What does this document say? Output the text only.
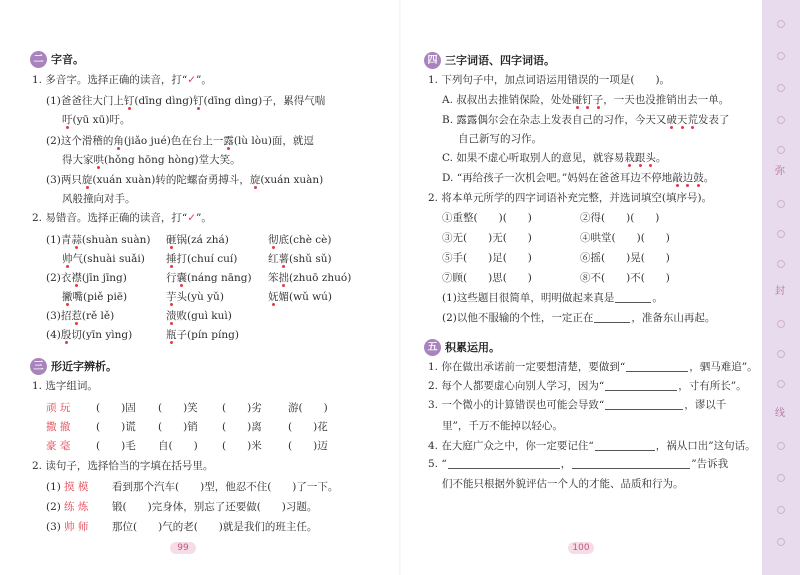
二 字音。
1. 多音字。选择正确的读音，打“✓”。
(1)爸爸往大门上钉(dīng dìng)钉(dīng dìng)子，累得气喘
吁(yū xū)吁。
(2)这个滑稽的角(jiǎo jué)色在台上一露(lù lòu)面，就逗
得大家哄(hǒng hōng hòng)堂大笑。
(3)两只旋(xuán xuàn)转的陀螺奋勇搏斗，旋(xuán xuàn)
风般撞向对手。
2. 易错音。选择正确的读音，打“✓”。
(1)青蒜(shuàn suàn) 砸锅(zá zhá)	彻底(chè cè)
帅气(shuài suǎi) 捶打(chuí cuí)	红薯(shǔ sǔ)
(2)衣襟(jīn jīng)	行囊(náng nāng) 笨拙(zhuō zhuó)
撇嘴(piě piē)	芋头(yù yǔ)	妩媚(wǔ wú)
(3)招惹(rě lě)	溃败(guì kuì)
(4)殷切(yīn yìng)	瓶子(pín píng)
三 形近字辨析。
1. 选字组词。
顽 玩 (　　)固 (　　)笑 (　　)劣	游(　　)
撒 撤 (　　)谎 (　　)销 (　　)离	(　　)花
豪 毫 (　　)毛 自(　　) (　　)米	(　　)迈
2. 读句子，选择恰当的字填在括号里。
(1) 摸 模 看到那个汽车(　　)型，他忍不住(　　)了一下。
(2) 练 炼 锻(　　)完身体，别忘了还要做(　　)习题。
(3) 帅 师 那位(　　)气的老(　　)就是我们的班主任。
99
四 三字词语、四字词语。
1. 下列句子中，加点词语运用错误的一项是(　　)。
A. 叔叔出去推销保险，处处碰钉子，一天也没推销出去一单。
B. 露露偶尔会在杂志上发表自己的习作，今天又破天荒发表了
自己新写的习作。
C. 如果不虚心听取别人的意见，就容易栽跟头。
D. “再给孩子一次机会吧。”妈妈在爸爸耳边不停地敲边鼓。
2. 将本单元所学的四字词语补充完整，并选词填空(填序号)。
①重整(　　)(　　)	②得(　　)(　　)
③无(　　)无(　　)	④哄堂(　　)(　　)
⑤手(　　)足(　　)	⑥摇(　　)晃(　　)
⑦顾(　　)思(　　)	⑧不(　　)不(　　)
(1)这些题目很简单，明明做起来真是	。
(2)以他不服输的个性，一定正在	，准备东山再起。
五 积累运用。
1. 你在做出承诺前一定要想清楚，要做到“	，驷马难追”。
2. 每个人都要虚心向别人学习，因为“	，寸有所长”。
3. 一个微小的计算错误也可能会导致“	，谬以千
里”，千万不能掉以轻心。
4. 在大庭广众之中，你一定要记住“	，祸从口出”这句话。
5. “	，	”告诉我
们不能只根据外貌评估一个人的才能、品质和行为。
100
弥
封
线
